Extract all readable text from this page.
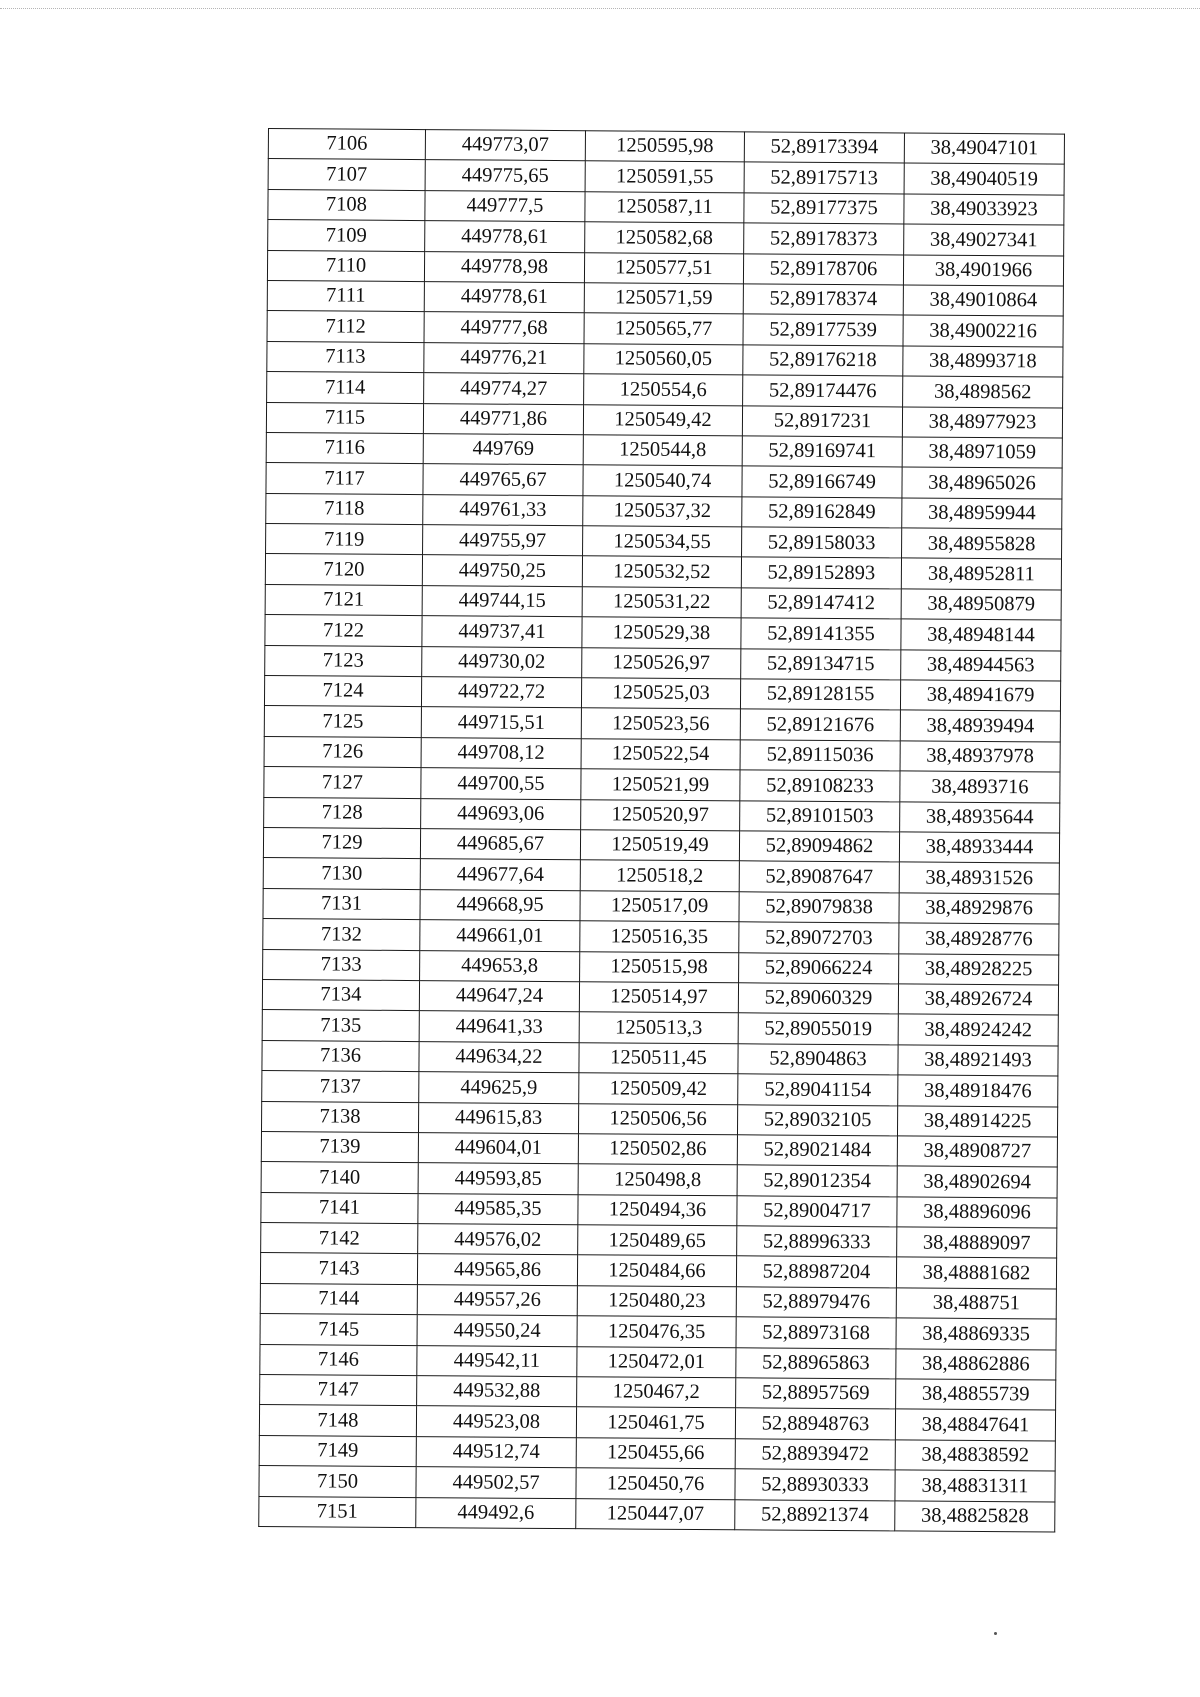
7106	449773,07	1250595,98	52,89173394	38,49047101
7107	449775,65	1250591,55	52,89175713	38,49040519
7108	449777,5	1250587,11	52,89177375	38,49033923
7109	449778,61	1250582,68	52,89178373	38,49027341
7110	449778,98	1250577,51	52,89178706	38,4901966
7111	449778,61	1250571,59	52,89178374	38,49010864
7112	449777,68	1250565,77	52,89177539	38,49002216
7113	449776,21	1250560,05	52,89176218	38,48993718
7114	449774,27	1250554,6	52,89174476	38,4898562
7115	449771,86	1250549,42	52,8917231	38,48977923
7116	449769	1250544,8	52,89169741	38,48971059
7117	449765,67	1250540,74	52,89166749	38,48965026
7118	449761,33	1250537,32	52,89162849	38,48959944
7119	449755,97	1250534,55	52,89158033	38,48955828
7120	449750,25	1250532,52	52,89152893	38,48952811
7121	449744,15	1250531,22	52,89147412	38,48950879
7122	449737,41	1250529,38	52,89141355	38,48948144
7123	449730,02	1250526,97	52,89134715	38,48944563
7124	449722,72	1250525,03	52,89128155	38,48941679
7125	449715,51	1250523,56	52,89121676	38,48939494
7126	449708,12	1250522,54	52,89115036	38,48937978
7127	449700,55	1250521,99	52,89108233	38,4893716
7128	449693,06	1250520,97	52,89101503	38,48935644
7129	449685,67	1250519,49	52,89094862	38,48933444
7130	449677,64	1250518,2	52,89087647	38,48931526
7131	449668,95	1250517,09	52,89079838	38,48929876
7132	449661,01	1250516,35	52,89072703	38,48928776
7133	449653,8	1250515,98	52,89066224	38,48928225
7134	449647,24	1250514,97	52,89060329	38,48926724
7135	449641,33	1250513,3	52,89055019	38,48924242
7136	449634,22	1250511,45	52,8904863	38,48921493
7137	449625,9	1250509,42	52,89041154	38,48918476
7138	449615,83	1250506,56	52,89032105	38,48914225
7139	449604,01	1250502,86	52,89021484	38,48908727
7140	449593,85	1250498,8	52,89012354	38,48902694
7141	449585,35	1250494,36	52,89004717	38,48896096
7142	449576,02	1250489,65	52,88996333	38,48889097
7143	449565,86	1250484,66	52,88987204	38,48881682
7144	449557,26	1250480,23	52,88979476	38,488751
7145	449550,24	1250476,35	52,88973168	38,48869335
7146	449542,11	1250472,01	52,88965863	38,48862886
7147	449532,88	1250467,2	52,88957569	38,48855739
7148	449523,08	1250461,75	52,88948763	38,48847641
7149	449512,74	1250455,66	52,88939472	38,48838592
7150	449502,57	1250450,76	52,88930333	38,48831311
7151	449492,6	1250447,07	52,88921374	38,48825828
